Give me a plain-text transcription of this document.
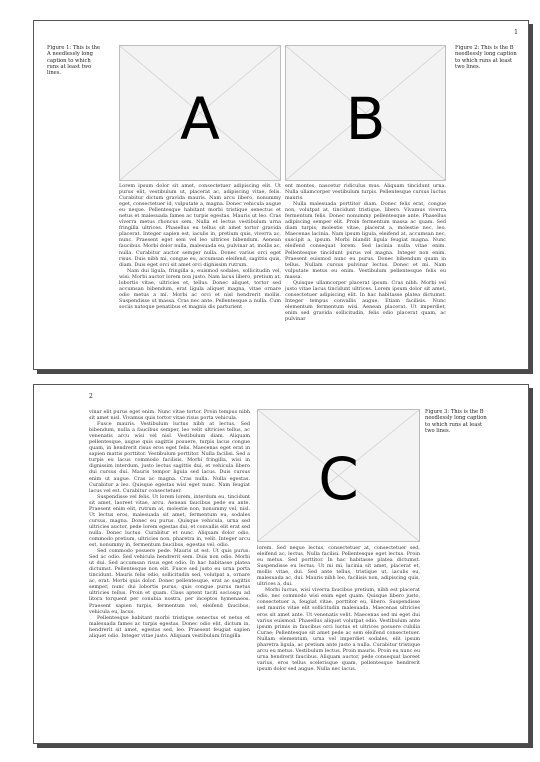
1
Figure 1: This is the A needlessly long caption to which runs at least two lines.
A	B
Figure 2: This is the B needlessly long caption to which runs at least two lines.

Lorem ipsum dolor sit amet, consectetuer adipiscing elit. Ut purus elit, vestibulum ut, placerat ac, adipiscing vitae, felis. Curabitur dictum gravida mauris. Nam arcu libero, nonummy eget, consectetuer id, vulputate a, magna. Donec vehicula augue eu neque. Pellentesque habitant morbi tristique senectus et netus et malesuada fames ac turpis egestas. Mauris ut leo. Cras viverra metus rhoncus sem. Nulla et lectus vestibulum urna fringilla ultrices. Phasellus eu tellus sit amet tortor gravida placerat. Integer sapien est, iaculis in, pretium quis, viverra ac, nunc. Praesent eget sem vel leo ultrices bibendum. Aenean faucibus. Morbi dolor nulla, malesuada eu, pulvinar at, mollis ac, nulla. Curabitur auctor semper nulla. Donec varius orci eget risus. Duis nibh mi, congue eu, accumsan eleifend, sagittis quis, diam. Duis eget orci sit amet orci dignissim rutrum.

Nam dui ligula, fringilla a, euismod sodales, sollicitudin vel, wisi. Morbi auctor lorem non justo. Nam lacus libero, pretium at, lobortis vitae, ultricies et, tellus. Donec aliquet, tortor sed accumsan bibendum, erat ligula aliquet magna, vitae ornare odio metus a mi. Morbi ac orci et nisl hendrerit mollis. Suspendisse ut massa. Cras nec ante. Pellentesque a nulla. Cum sociis natoque penatibus et magnis dis parturient

ent montes, nascetur ridiculus mus. Aliquam tincidunt urna. Nulla ullamcorper vestibulum turpis. Pellentesque cursus luctus mauris.

Nulla malesuada porttitor diam. Donec felis erat, congue non, volutpat at, tincidunt tristique, libero. Vivamus viverra fermentum felis. Donec nonummy pellentesque ante. Phasellus adipiscing semper elit. Proin fermentum massa ac quam. Sed diam turpis, molestie vitae, placerat a, molestie nec, leo. Maecenas lacinia. Nam ipsum ligula, eleifend at, accumsan nec, suscipit a, ipsum. Morbi blandit ligula feugiat magna. Nunc eleifend consequat lorem. Sed lacinia nulla vitae enim. Pellentesque tincidunt purus vel magna. Integer non enim. Praesent euismod nunc eu purus. Donec bibendum quam in tellus. Nullam cursus pulvinar lectus. Donec et mi. Nam vulputate metus eu enim. Vestibulum pellentesque felis eu massa.

Quisque ullamcorper placerat ipsum. Cras nibh. Morbi vel justo vitae lacus tincidunt ultrices. Lorem ipsum dolor sit amet, consectetuer adipiscing elit. In hac habitasse platea dictumst. Integer tempus convallis augue. Etiam facilisis. Nunc elementum fermentum wisi. Aenean placerat. Ut imperdiet, enim sed gravida sollicitudin, felis odio placerat quam, ac pulvinar

2

vinar elit purus eget enim. Nunc vitae tortor. Proin tempus nibh sit amet nisl. Vivamus quis tortor vitae risus porta vehicula.

Fusce mauris. Vestibulum luctus nibh at lectus. Sed bibendum, nulla a faucibus semper, leo velit ultricies tellus, ac venenatis arcu wisi vel nisl. Vestibulum diam. Aliquam pellentesque, augue quis sagittis posuere, turpis lacus congue quam, in hendrerit risus eros eget felis. Maecenas eget erat in sapien mattis porttitor. Vestibulum porttitor. Nulla facilisi. Sed a turpis eu lacus commodo facilisis. Morbi fringilla, wisi in dignissim interdum, justo lectus sagittis dui, et vehicula libero dui cursus dui. Mauris tempor ligula sed lacus. Duis cursus enim ut augue. Cras ac magna. Cras nulla. Nulla egestas. Curabitur a leo. Quisque egestas wisi eget nunc. Nam feugiat lacus vel est. Curabitur consectetuer.

Suspendisse vel felis. Ut lorem lorem, interdum eu, tincidunt sit amet, laoreet vitae, arcu. Aenean faucibus pede eu ante. Praesent enim elit, rutrum at, molestie non, nonummy vel, nisl. Ut lectus eros, malesuada sit amet, fermentum eu, sodales cursus, magna. Donec eu purus. Quisque vehicula, urna sed ultricies auctor, pede lorem egestas dui, et convallis elit erat sed nulla. Donec luctus. Curabitur et nunc. Aliquam dolor odio, commodo pretium, ultricies non, pharetra in, velit. Integer arcu est, nonummy in, fermentum faucibus, egestas vel, odio.

Sed commodo posuere pede. Mauris ut est. Ut quis purus. Sed ac odio. Sed vehicula hendrerit sem. Duis non odio. Morbi ut dui. Sed accumsan risus eget odio. In hac habitasse platea dictumst. Pellentesque non elit. Fusce sed justo eu urna porta tincidunt. Mauris felis odio, sollicitudin sed, volutpat a, ornare ac, erat. Morbi quis dolor. Donec pellentesque, erat ac sagittis semper, nunc dui lobortis purus, quis congue purus metus ultricies tellus. Proin et quam. Class aptent taciti sociosqu ad litora torquent per conubia nostra, per inceptos hymenaeos. Praesent sapien turpis, fermentum vel, eleifend faucibus, vehicula eu, lacus.

Pellentesque habitant morbi tristique senectus et netus et malesuada fames ac turpis egestas. Donec odio elit, dictum in, hendrerit sit amet, egestas sed, leo. Praesent feugiat sapien aliquet odio. Integer vitae justo. Aliquam vestibulum fringilla

C
Figure 3: This is the B needlessly long caption to which runs at least two lines.

lorem. Sed neque lectus, consectetuer at, consectetuer sed, eleifend ac, lectus. Nulla facilisi. Pellentesque eget lectus. Proin eu metus. Sed porttitor. In hac habitasse platea dictumst. Suspendisse eu lectus. Ut mi mi, lacinia sit amet, placerat et, mollis vitae, dui. Sed ante tellus, tristique ut, iaculis eu, malesuada ac, dui. Mauris nibh leo, facilisis non, adipiscing quis, ultrices a, dui.

Morbi luctus, wisi viverra faucibus pretium, nibh est placerat odio, nec commodo wisi enim eget quam. Quisque libero justo, consectetuer a, feugiat vitae, porttitor eu, libero. Suspendisse sed mauris vitae elit sollicitudin malesuada. Maecenas ultricies eros sit amet ante. Ut venenatis velit. Maecenas sed mi eget dui varius euismod. Phasellus aliquet volutpat odio. Vestibulum ante ipsum primis in faucibus orci luctus et ultrices posuere cubilia Curae; Pellentesque sit amet pede ac sem eleifend consectetuer. Nullam elementum, urna vel imperdiet sodales, elit ipsum pharetra ligula, ac pretium ante justo a nulla. Curabitur tristique arcu eu metus. Vestibulum lectus. Proin mauris. Proin eu nunc eu urna hendrerit faucibus. Aliquam auctor, pede consequat laoreet varius, eros tellus scelerisque quam, pellentesque hendrerit ipsum dolor sed augue. Nulla nec lacus.
